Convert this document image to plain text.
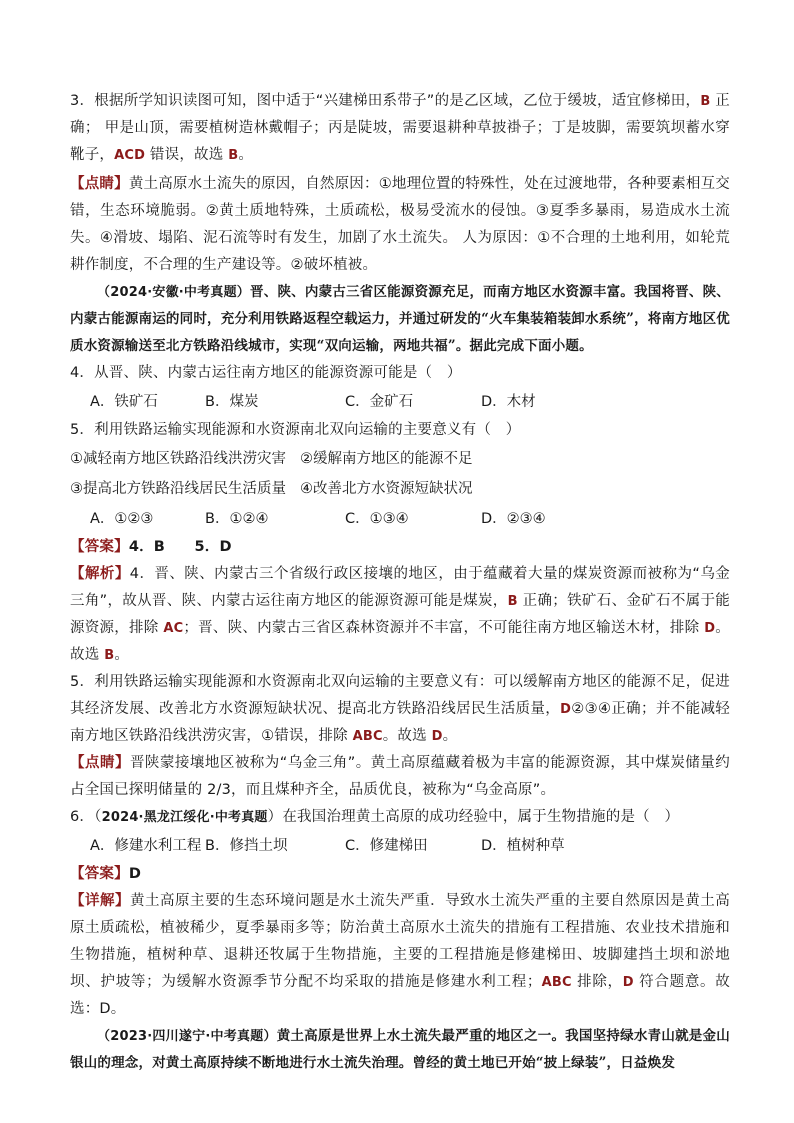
3．根据所学知识读图可知，图中适于“兴建梯田系带子”的是乙区域，乙位于缓坡，适宜修梯田，B 正确； 甲是山顶，需要植树造林戴帽子；丙是陡坡，需要退耕种草披褂子；丁是坡脚，需要筑坝蓄水穿靴子，ACD 错误，故选 B。

【点睛】黄土高原水土流失的原因，自然原因：①地理位置的特殊性，处在过渡地带，各种要素相互交错，生态环境脆弱。②黄土质地特殊，土质疏松，极易受流水的侵蚀。③夏季多暴雨，易造成水土流失。④滑坡、塌陷、泥石流等时有发生，加剧了水土流失。 人为原因：①不合理的土地利用，如轮荒耕作制度，不合理的生产建设等。②破坏植被。

（2024·安徽·中考真题）晋、陕、内蒙古三省区能源资源充足，而南方地区水资源丰富。我国将晋、陕、内蒙古能源南运的同时，充分利用铁路返程空载运力，并通过研发的“火车集装箱装卸水系统”，将南方地区优质水资源输送至北方铁路沿线城市，实现“双向运输，两地共福”。据此完成下面小题。

4．从晋、陕、内蒙古运往南方地区的能源资源可能是（　）

A．铁矿石	B．煤炭	C．金矿石	D．木材

5．利用铁路运输实现能源和水资源南北双向运输的主要意义有（　）

①减轻南方地区铁路沿线洪涝灾害 ②缓解南方地区的能源不足
③提高北方铁路沿线居民生活质量 ④改善北方水资源短缺状况
A．①②③	B．①②④	C．①③④	D．②③④

【答案】4．B　　5．D

【解析】4．晋、陕、内蒙古三个省级行政区接壤的地区，由于蕴藏着大量的煤炭资源而被称为“乌金三角”，故从晋、陕、内蒙古运往南方地区的能源资源可能是煤炭，B 正确；铁矿石、金矿石不属于能源资源，排除 AC；晋、陕、内蒙古三省区森林资源并不丰富，不可能往南方地区输送木材，排除 D。故选 B。

5．利用铁路运输实现能源和水资源南北双向运输的主要意义有：可以缓解南方地区的能源不足，促进其经济发展、改善北方水资源短缺状况、提高北方铁路沿线居民生活质量，D②③④正确；并不能减轻南方地区铁路沿线洪涝灾害，①错误，排除 ABC。故选 D。

【点睛】晋陕蒙接壤地区被称为“乌金三角”。黄土高原蕴藏着极为丰富的能源资源，其中煤炭储量约占全国已探明储量的 2/3，而且煤种齐全，品质优良，被称为“乌金高原”。

6．（2024·黑龙江绥化·中考真题）在我国治理黄土高原的成功经验中，属于生物措施的是（　）

A．修建水利工程 B．修挡土坝	C．修建梯田	D．植树种草

【答案】D

【详解】黄土高原主要的生态环境问题是水土流失严重．导致水土流失严重的主要自然原因是黄土高原土质疏松，植被稀少，夏季暴雨多等；防治黄土高原水土流失的措施有工程措施、农业技术措施和生物措施，植树种草、退耕还牧属于生物措施，主要的工程措施是修建梯田、坡脚建挡土坝和淤地坝、护坡等；为缓解水资源季节分配不均采取的措施是修建水利工程；ABC 排除，D 符合题意。故选：D。

（2023·四川遂宁·中考真题）黄土高原是世界上水土流失最严重的地区之一。我国坚持绿水青山就是金山银山的理念，对黄土高原持续不断地进行水土流失治理。曾经的黄土地已开始“披上绿装”，日益焕发
